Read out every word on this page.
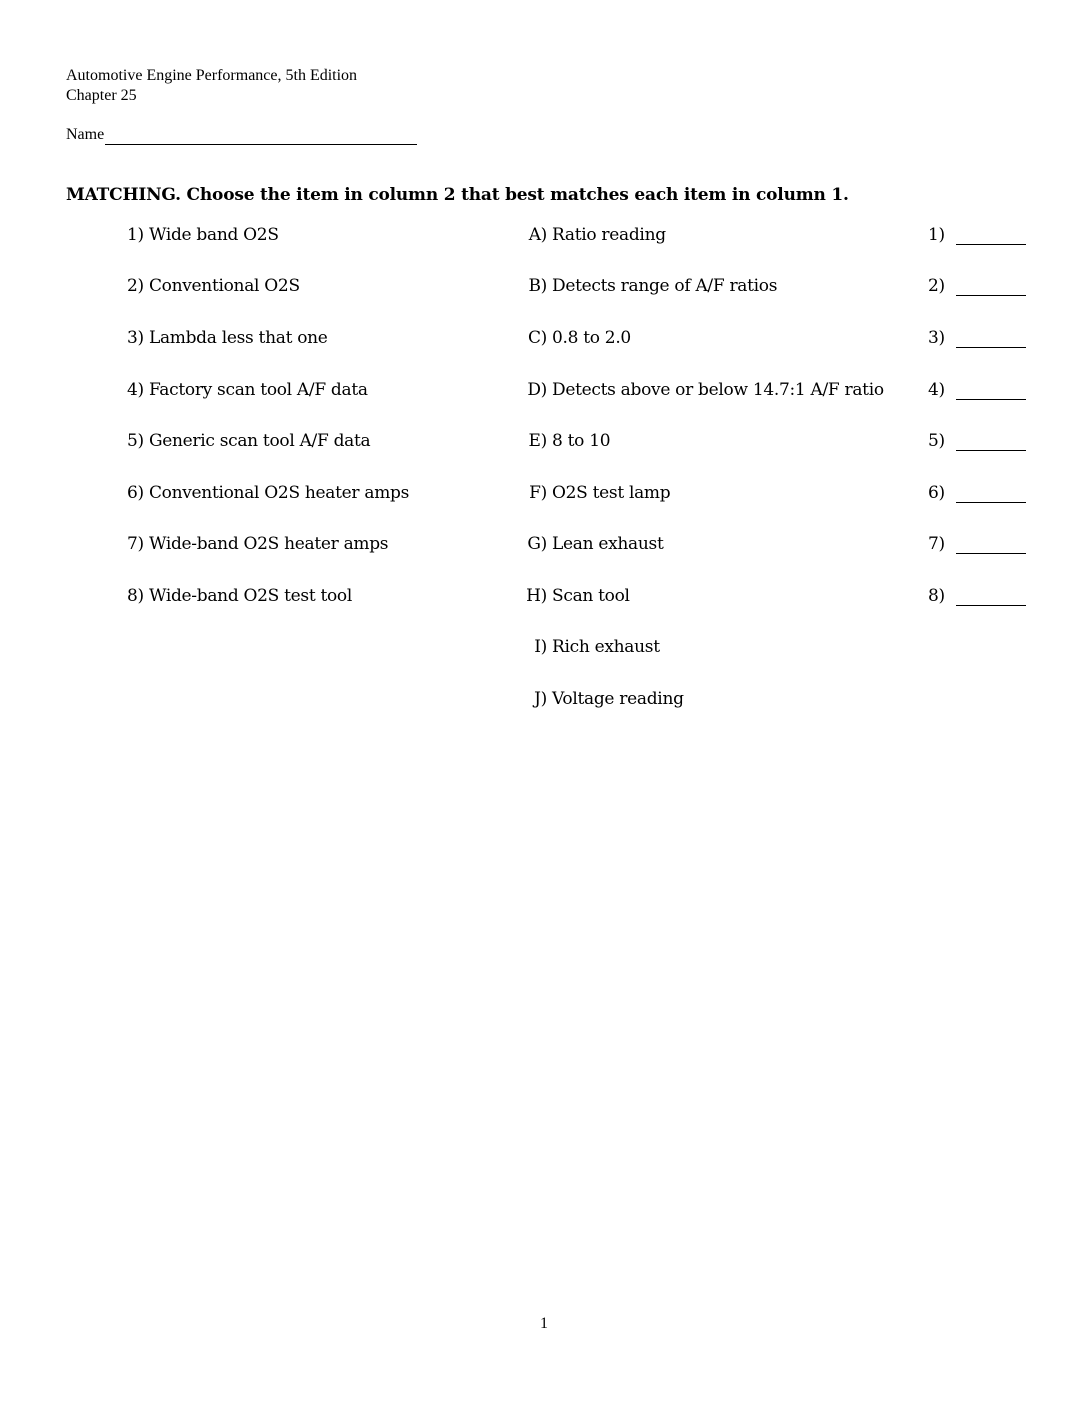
Automotive Engine Performance, 5th Edition
Chapter 25
Name
MATCHING. Choose the item in column 2 that best matches each item in column 1.
1) Wide band O2S	A) Ratio reading	1)
2) Conventional O2S	B) Detects range of A/F ratios	2)
3) Lambda less that one	C) 0.8 to 2.0	3)
4) Factory scan tool A/F data	D) Detects above or below 14.7:1 A/F ratio	4)
5) Generic scan tool A/F data	E) 8 to 10	5)
6) Conventional O2S heater amps	F) O2S test lamp	6)
7) Wide-band O2S heater amps	G) Lean exhaust	7)
8) Wide-band O2S test tool	H) Scan tool	8)
I) Rich exhaust
J) Voltage reading
1
